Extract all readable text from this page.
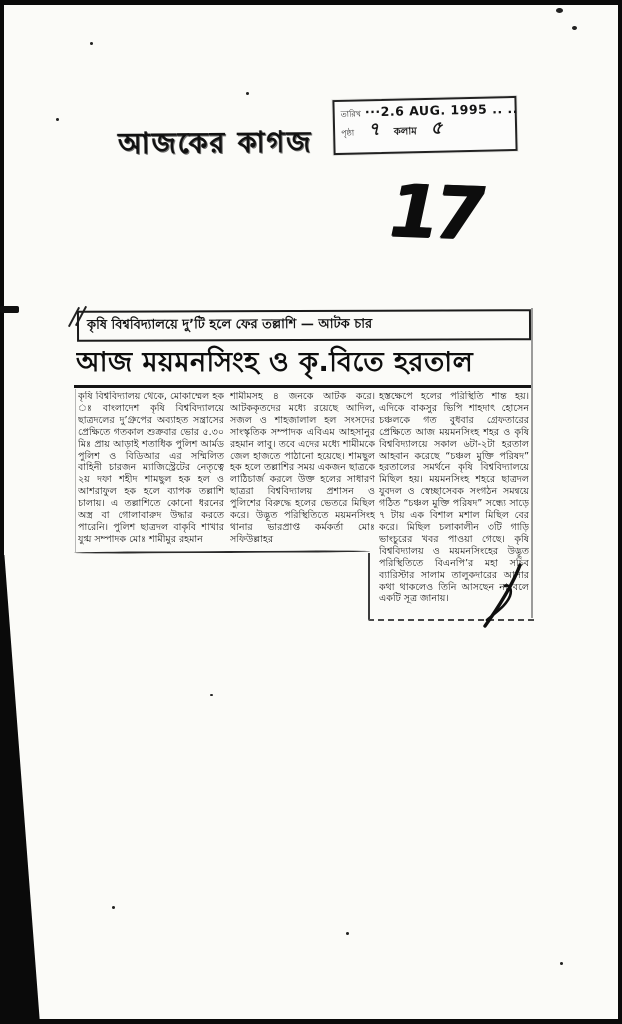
আজকের কাগজ
তারিখ ···2.6 AUG. 1995 .. ..
পৃষ্ঠা ৭ কলাম ৫
17
কৃষি বিশ্ববিদ্যালয়ে দু’টি হলে ফের তল্লাশি — আটক চার
আজ ময়মনসিংহ ও কৃ.বিতে হরতাল
কৃষি বিশ্ববিদ্যালয় থেকে, মোকাম্মেল হক ঃ বাংলাদেশ কৃষি বিশ্ববিদ্যালয়ে ছাত্রদলের দু’গ্রুপের অব্যাহত সন্ত্রাসের প্রেক্ষিতে গতকাল শুক্রবার ভোর ৫.৩০ মিঃ প্রায় আড়াই শতাধিক পুলিশ আর্মড পুলিশ ও বিডিআর এর সম্মিলিত বাহিনী চারজন ম্যাজিস্ট্রেটের নেতৃত্বে ২য় দফা শহীদ শামছুল হক হল ও আশরাফুল হক হলে ব্যাপক তল্লাশি চালায়। এ তল্লাশিতে কোনো ধরনের অস্ত্র বা গোলাবারুদ উদ্ধার করতে পারেনি। পুলিশ ছাত্রদল বাকৃবি শাখার যুগ্ম সম্পাদক মোঃ শামীমুর রহমান
শামীমসহ ৪ জনকে আটক করে। আটককৃতদের মধ্যে রয়েছে আদিল, সজল ও শাহজালাল হল সংসদের সাংস্কৃতিক সম্পাদক এবিএম আহসানুর রহমান লাবু। তবে এদের মধ্যে শামীমকে জেল হাজতে পাঠানো হয়েছে। শামছুল হক হলে তল্লাশির সময় একজন ছাত্রকে লাঠিচার্জ করলে উক্ত হলের সাধারণ ছাত্ররা বিশ্ববিদ্যালয় প্রশাসন ও পুলিশের বিরুদ্ধে হলের ভেতরে মিছিল করে। উদ্ভূত পরিস্থিতিতে ময়মনসিংহ থানার ভারপ্রাপ্ত কর্মকর্তা মোঃ সফিউল্লাহর
হস্তক্ষেপে হলের পরিস্থিতি শান্ত হয়। এদিকে বাকসুর ভিপি শাহদাৎ হোসেন চঞ্চলকে গত বুধবার গ্রেফতারের প্রেক্ষিতে আজ ময়মনসিংহ শহর ও কৃষি বিশ্ববিদ্যালয়ে সকাল ৬টা-২টা হরতাল আহবান করেছে “চঞ্চল মুক্তি পরিষদ” হরতালের সমর্থনে কৃষি বিশ্ববিদ্যালয়ে মিছিল হয়। ময়মনসিংহ শহরে ছাত্রদল যুবদল ও স্বেচ্ছাসেবক সংগঠন সমন্বয়ে গঠিত “চঞ্চল মুক্তি পরিষদ” সন্ধ্যে সাড়ে ৭ টায় এক বিশাল মশাল মিছিল বের করে। মিছিল চলাকালীন ৩টি গাড়ি ভাংচুরের খবর পাওয়া গেছে। কৃষি বিশ্ববিদ্যালয় ও ময়মনসিংহের উদ্ভূত পরিস্থিতিতে বিএনপি’র মহা সচিব ব্যারিস্টার সালাম তালুকদারের আসার কথা থাকলেও তিনি আসছেন না বলে একটি সূত্র জানায়।
